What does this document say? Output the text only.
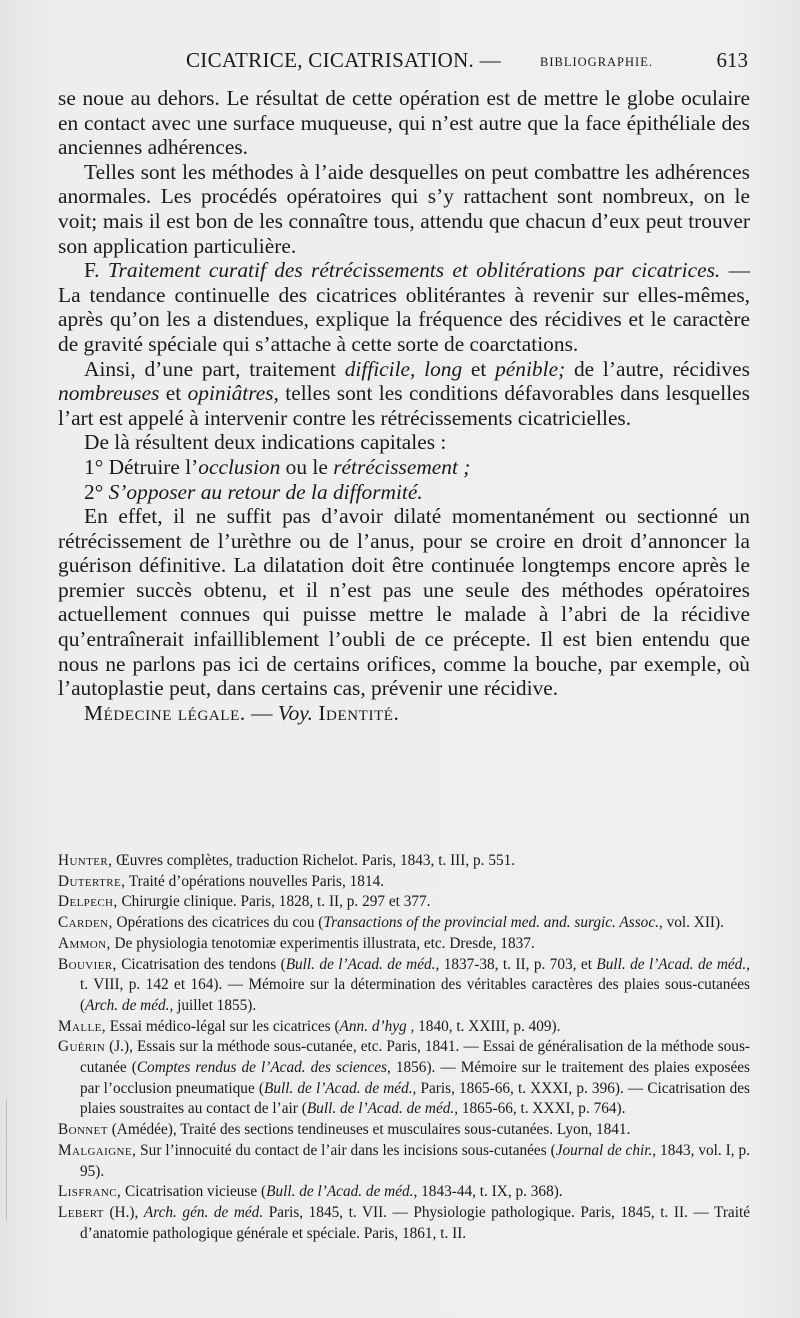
CICATRICE, CICATRISATION. —	BIBLIOGRAPHIE.	613

se noue au dehors. Le résultat de cette opération est de mettre le globe oculaire en contact avec une surface muqueuse, qui n’est autre que la face épithéliale des anciennes adhérences.

Telles sont les méthodes à l’aide desquelles on peut combattre les adhérences anormales. Les procédés opératoires qui s’y rattachent sont nombreux, on le voit; mais il est bon de les connaître tous, attendu que chacun d’eux peut trouver son application particulière.

F. Traitement curatif des rétrécissements et oblitérations par cicatrices. — La tendance continuelle des cicatrices oblitérantes à revenir sur elles-mêmes, après qu’on les a distendues, explique la fréquence des récidives et le caractère de gravité spéciale qui s’attache à cette sorte de coarctations.

Ainsi, d’une part, traitement difficile, long et pénible; de l’autre, récidives nombreuses et opiniâtres, telles sont les conditions défavorables dans lesquelles l’art est appelé à intervenir contre les rétrécissements cicatricielles.

De là résultent deux indications capitales :

1° Détruire l’occlusion ou le rétrécissement ;

2° S’opposer au retour de la difformité.

En effet, il ne suffit pas d’avoir dilaté momentanément ou sectionné un rétrécissement de l’urèthre ou de l’anus, pour se croire en droit d’annoncer la guérison définitive. La dilatation doit être continuée longtemps encore après le premier succès obtenu, et il n’est pas une seule des méthodes opératoires actuellement connues qui puisse mettre le malade à l’abri de la récidive qu’entraînerait infailliblement l’oubli de ce précepte. Il est bien entendu que nous ne parlons pas ici de certains orifices, comme la bouche, par exemple, où l’autoplastie peut, dans certains cas, prévenir une récidive.

Médecine légale. — Voy. Identité.

Hunter, Œuvres complètes, traduction Richelot. Paris, 1843, t. III, p. 551.

Dutertre, Traité d’opérations nouvelles Paris, 1814.

Delpech, Chirurgie clinique. Paris, 1828, t. II, p. 297 et 377.

Carden, Opérations des cicatrices du cou (Transactions of the provincial med. and. surgic. Assoc., vol. XII).

Ammon, De physiologia tenotomiæ experimentis illustrata, etc. Dresde, 1837.

Bouvier, Cicatrisation des tendons (Bull. de l’Acad. de méd., 1837-38, t. II, p. 703, et Bull. de l’Acad. de méd., t. VIII, p. 142 et 164). — Mémoire sur la détermination des véritables caractères des plaies sous-cutanées (Arch. de méd., juillet 1855).

Malle, Essai médico-légal sur les cicatrices (Ann. d’hyg , 1840, t. XXIII, p. 409).

Guérin (J.), Essais sur la méthode sous-cutanée, etc. Paris, 1841. — Essai de généralisation de la méthode sous-cutanée (Comptes rendus de l’Acad. des sciences, 1856). — Mémoire sur le traitement des plaies exposées par l’occlusion pneumatique (Bull. de l’Acad. de méd., Paris, 1865-66, t. XXXI, p. 396). — Cicatrisation des plaies soustraites au contact de l’air (Bull. de l’Acad. de méd., 1865-66, t. XXXI, p. 764).

Bonnet (Amédée), Traité des sections tendineuses et musculaires sous-cutanées. Lyon, 1841.

Malgaigne, Sur l’innocuité du contact de l’air dans les incisions sous-cutanées (Journal de chir., 1843, vol. I, p. 95).

Lisfranc, Cicatrisation vicieuse (Bull. de l’Acad. de méd., 1843-44, t. IX, p. 368).

Lebert (H.), Arch. gén. de méd. Paris, 1845, t. VII. — Physiologie pathologique. Paris, 1845, t. II. — Traité d’anatomie pathologique générale et spéciale. Paris, 1861, t. II.
